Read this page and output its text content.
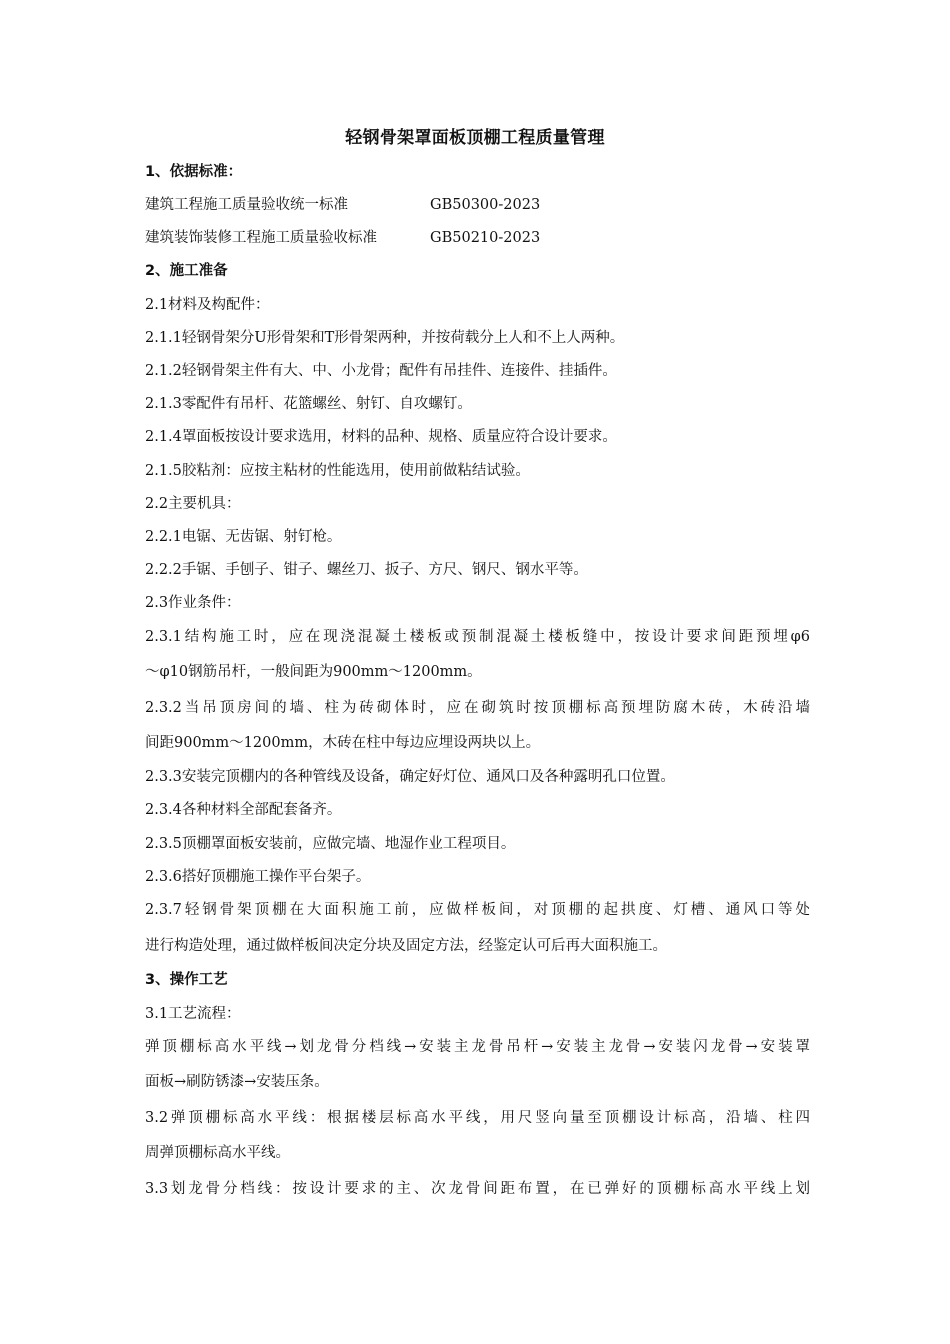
轻钢骨架罩面板顶棚工程质量管理
1、依据标准：
建筑工程施工质量验收统一标准	GB50300-2023
建筑装饰装修工程施工质量验收标准	GB50210-2023
2、施工准备
2.1材料及构配件：
2.1.1轻钢骨架分U形骨架和T形骨架两种，并按荷载分上人和不上人两种。
2.1.2轻钢骨架主件有大、中、小龙骨；配件有吊挂件、连接件、挂插件。
2.1.3零配件有吊杆、花篮螺丝、射钉、自攻螺钉。
2.1.4罩面板按设计要求选用，材料的品种、规格、质量应符合设计要求。
2.1.5胶粘剂：应按主粘材的性能选用，使用前做粘结试验。
2.2主要机具：
2.2.1电锯、无齿锯、射钉枪。
2.2.2手锯、手刨子、钳子、螺丝刀、扳子、方尺、钢尺、钢水平等。
2.3作业条件：
2.3.1结构施工时，应在现浇混凝土楼板或预制混凝土楼板缝中，按设计要求间距预埋φ6
～φ10钢筋吊杆，一般间距为900mm～1200mm。
2.3.2当吊顶房间的墙、柱为砖砌体时，应在砌筑时按顶棚标高预埋防腐木砖，木砖沿墙
间距900mm～1200mm，木砖在柱中每边应埋设两块以上。
2.3.3安装完顶棚内的各种管线及设备，确定好灯位、通风口及各种露明孔口位置。
2.3.4各种材料全部配套备齐。
2.3.5顶棚罩面板安装前，应做完墙、地湿作业工程项目。
2.3.6搭好顶棚施工操作平台架子。
2.3.7轻钢骨架顶棚在大面积施工前，应做样板间，对顶棚的起拱度、灯槽、通风口等处
进行构造处理，通过做样板间决定分块及固定方法，经鉴定认可后再大面积施工。
3、操作工艺
3.1工艺流程：
弹顶棚标高水平线→划龙骨分档线→安装主龙骨吊杆→安装主龙骨→安装闪龙骨→安装罩
面板→刷防锈漆→安装压条。
3.2弹顶棚标高水平线：根据楼层标高水平线，用尺竖向量至顶棚设计标高，沿墙、柱四
周弹顶棚标高水平线。
3.3划龙骨分档线：按设计要求的主、次龙骨间距布置，在已弹好的顶棚标高水平线上划
